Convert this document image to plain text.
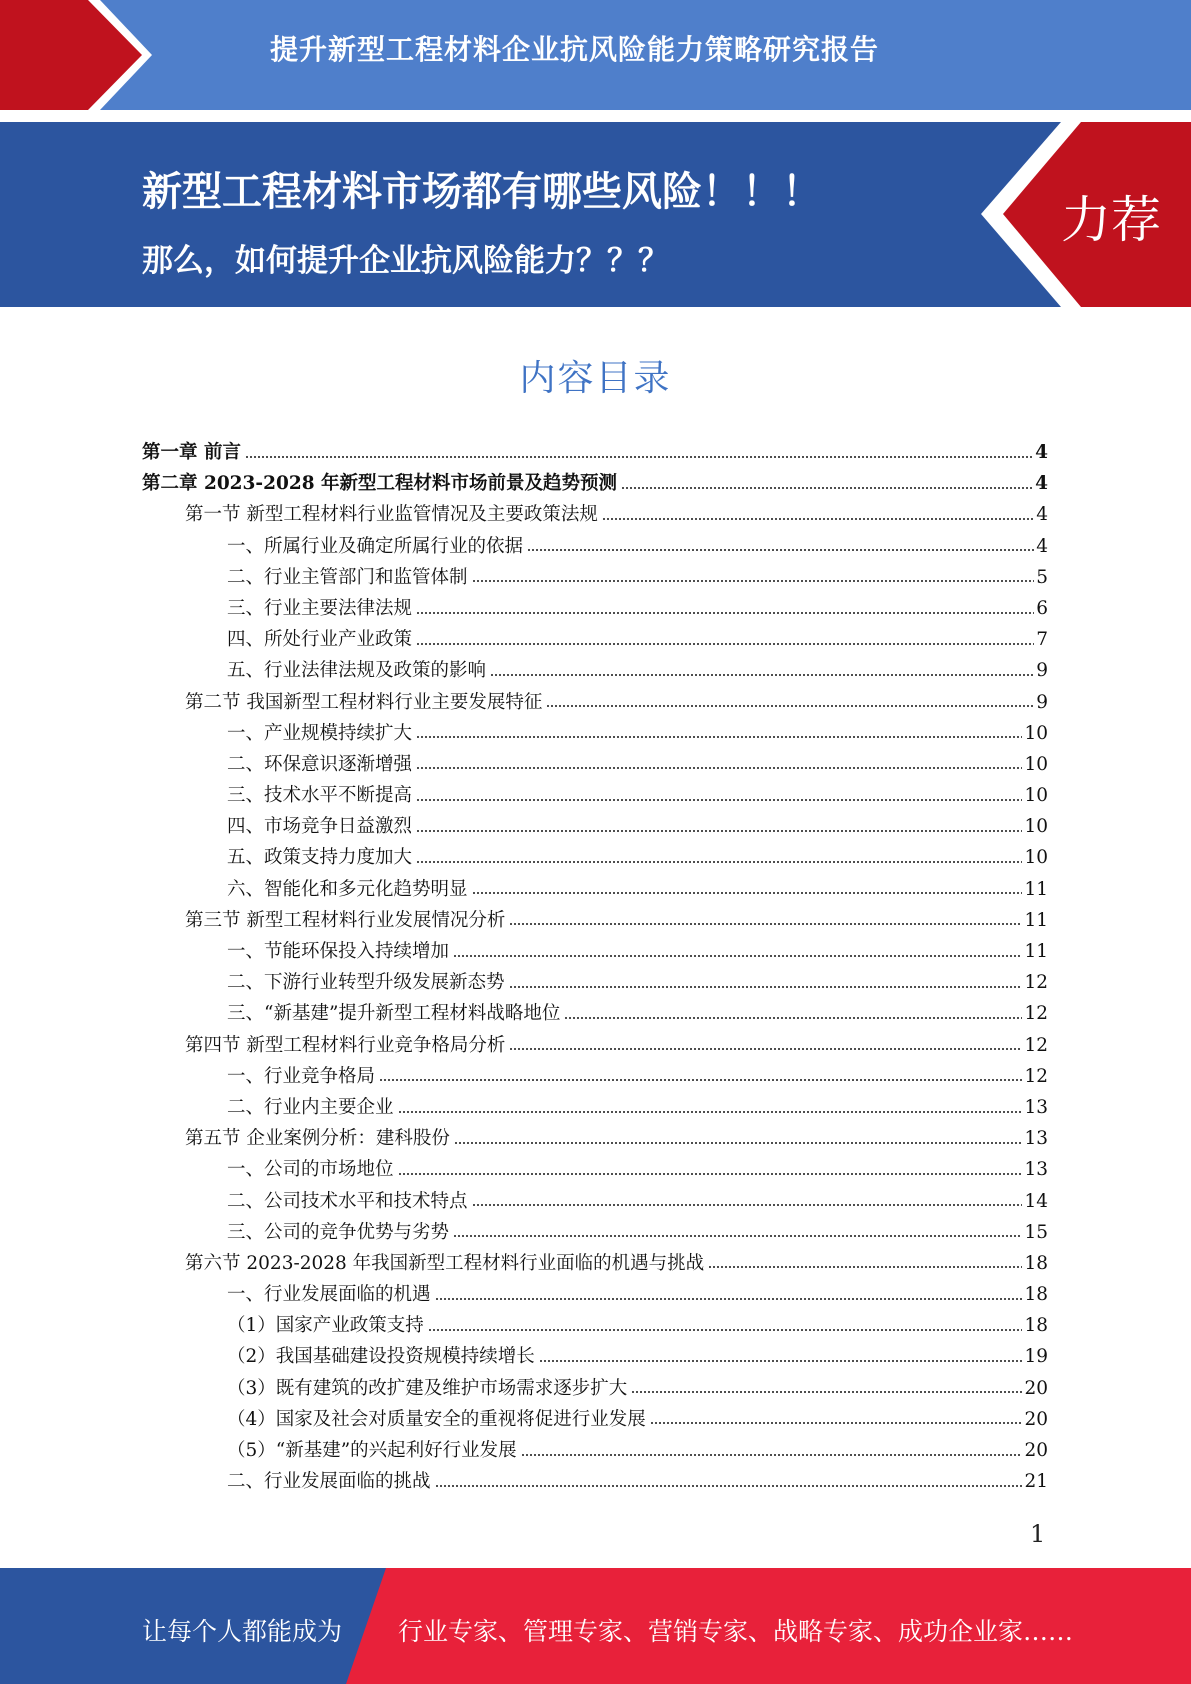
提升新型工程材料企业抗风险能力策略研究报告
新型工程材料市场都有哪些风险！！！
那么，如何提升企业抗风险能力？？？
力荐
内容目录
第一章 前言	4
第二章 2023-2028 年新型工程材料市场前景及趋势预测	4
第一节 新型工程材料行业监管情况及主要政策法规	4
一、所属行业及确定所属行业的依据	4
二、行业主管部门和监管体制	5
三、行业主要法律法规	6
四、所处行业产业政策	7
五、行业法律法规及政策的影响	9
第二节 我国新型工程材料行业主要发展特征	9
一、产业规模持续扩大	10
二、环保意识逐渐增强	10
三、技术水平不断提高	10
四、市场竞争日益激烈	10
五、政策支持力度加大	10
六、智能化和多元化趋势明显	11
第三节 新型工程材料行业发展情况分析	11
一、节能环保投入持续增加	11
二、下游行业转型升级发展新态势	12
三、“新基建”提升新型工程材料战略地位	12
第四节 新型工程材料行业竞争格局分析	12
一、行业竞争格局	12
二、行业内主要企业	13
第五节 企业案例分析：建科股份	13
一、公司的市场地位	13
二、公司技术水平和技术特点	14
三、公司的竞争优势与劣势	15
第六节 2023-2028 年我国新型工程材料行业面临的机遇与挑战	18
一、行业发展面临的机遇	18
（1）国家产业政策支持	18
（2）我国基础建设投资规模持续增长	19
（3）既有建筑的改扩建及维护市场需求逐步扩大	20
（4）国家及社会对质量安全的重视将促进行业发展	20
（5）“新基建”的兴起利好行业发展	20
二、行业发展面临的挑战	21
1
让每个人都能成为 行业专家、管理专家、营销专家、战略专家、成功企业家……
